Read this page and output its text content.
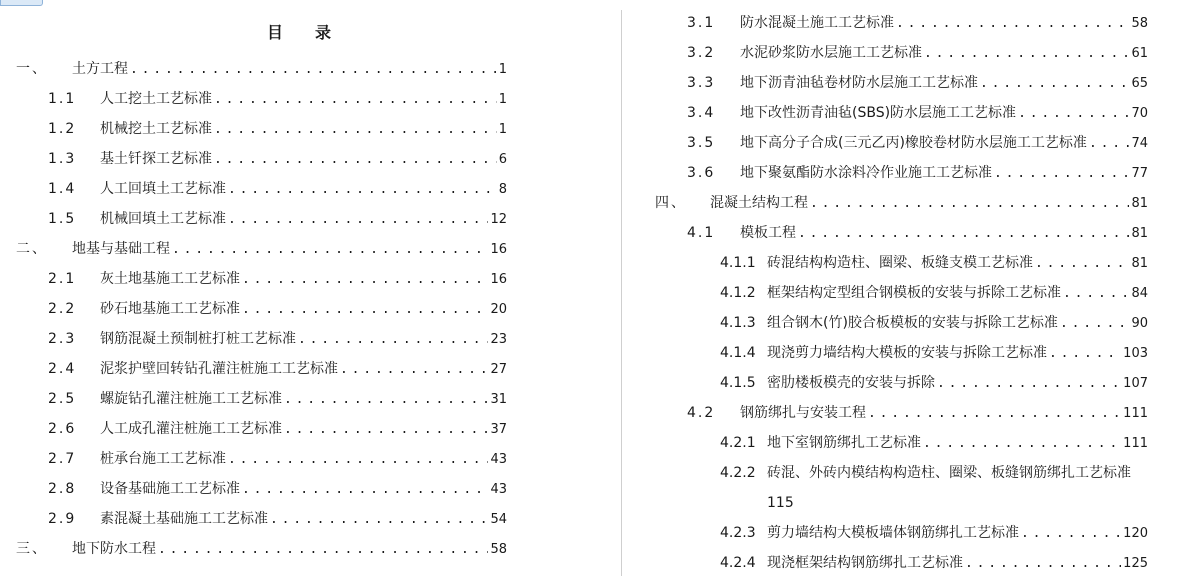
目 录
一、	土方工程 . . .	1
1.1	人工挖土工艺标准 . . .	1
1.2	机械挖土工艺标准 . . .	1
1.3	基土钎探工艺标准 . . .	6
1.4	人工回填土工艺标准 . . .	8
1.5	机械回填土工艺标准 . . .	12
二、	地基与基础工程 . . .	16
2.1	灰土地基施工工艺标准 . . .	16
2.2	砂石地基施工工艺标准 . . .	20
2.3	钢筋混凝土预制桩打桩工艺标准 . . .	23
2.4	泥浆护壁回转钻孔灌注桩施工工艺标准 . . .	27
2.5	螺旋钻孔灌注桩施工工艺标准 . . .	31
2.6	人工成孔灌注桩施工工艺标准 . . .	37
2.7	桩承台施工工艺标准 . . .	43
2.8	设备基础施工工艺标准 . . .	43
2.9	素混凝土基础施工工艺标准 . . .	54
三、	地下防水工程 . . .	58
3.1	防水混凝土施工工艺标准 . . .	58
3.2	水泥砂浆防水层施工工艺标准 . . .	61
3.3	地下沥青油毡卷材防水层施工工艺标准 . . .	65
3.4	地下改性沥青油毡(SBS)防水层施工工艺标准 . . .	70
3.5	地下高分子合成(三元乙丙)橡胶卷材防水层施工工艺标准 . . .	74
3.6	地下聚氨酯防水涂料冷作业施工工艺标准 . . .	77
四、	混凝土结构工程 . . .	81
4.1	模板工程 . . .	81
4.1.1 砖混结构构造柱、圈梁、板缝支模工艺标准 . . .	81
4.1.2 框架结构定型组合钢模板的安装与拆除工艺标准 . . .	84
4.1.3 组合钢木(竹)胶合板模板的安装与拆除工艺标准 . . .	90
4.1.4 现浇剪力墙结构大模板的安装与拆除工艺标准 . . .	103
4.1.5 密肋楼板模壳的安装与拆除 . . .	107
4.2	钢筋绑扎与安装工程 . . .	111
4.2.1 地下室钢筋绑扎工艺标准 . . .	111
4.2.2 砖混、外砖内模结构构造柱、圈梁、板缝钢筋绑扎工艺标准
115
4.2.3 剪力墙结构大模板墙体钢筋绑扎工艺标准 . . .	120
4.2.4 现浇框架结构钢筋绑扎工艺标准 . . .	125
